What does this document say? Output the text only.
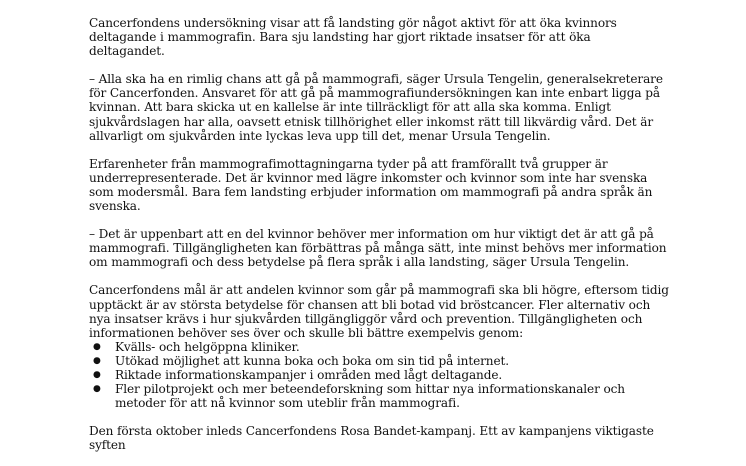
Cancerfondens undersökning visar att få landsting gör något aktivt för att öka kvinnors deltagande i mammografin. Bara sju landsting har gjort riktade insatser för att öka deltagandet.

– Alla ska ha en rimlig chans att gå på mammografi, säger Ursula Tengelin, generalsekreterare för Cancerfonden. Ansvaret för att gå på mammografiundersökningen kan inte enbart ligga på kvinnan. Att bara skicka ut en kallelse är inte tillräckligt för att alla ska komma. Enligt sjukvårdslagen har alla, oavsett etnisk tillhörighet eller inkomst rätt till likvärdig vård. Det är allvarligt om sjukvården inte lyckas leva upp till det, menar Ursula Tengelin.

Erfarenheter från mammografimottagningarna tyder på att framförallt två grupper är underrepresenterade. Det är kvinnor med lägre inkomster och kvinnor som inte har svenska som modersmål. Bara fem landsting erbjuder information om mammografi på andra språk än svenska.

– Det är uppenbart att en del kvinnor behöver mer information om hur viktigt det är att gå på mammografi. Tillgängligheten kan förbättras på många sätt, inte minst behövs mer information om mammografi och dess betydelse på flera språk i alla landsting, säger Ursula Tengelin.

Cancerfondens mål är att andelen kvinnor som går på mammografi ska bli högre, eftersom tidig upptäckt är av största betydelse för chansen att bli botad vid bröstcancer. Fler alternativ och nya insatser krävs i hur sjukvården tillgängliggör vård och prevention. Tillgängligheten och informationen behöver ses över och skulle bli bättre exempelvis genom:
● Kvälls- och helgöppna kliniker.
● Utökad möjlighet att kunna boka och boka om sin tid på internet.
● Riktade informationskampanjer i områden med lågt deltagande.
● Fler pilotprojekt och mer beteendeforskning som hittar nya informationskanaler och metoder för att nå kvinnor som uteblir från mammografi.

Den första oktober inleds Cancerfondens Rosa Bandet-kampanj. Ett av kampanjens viktigaste syften
